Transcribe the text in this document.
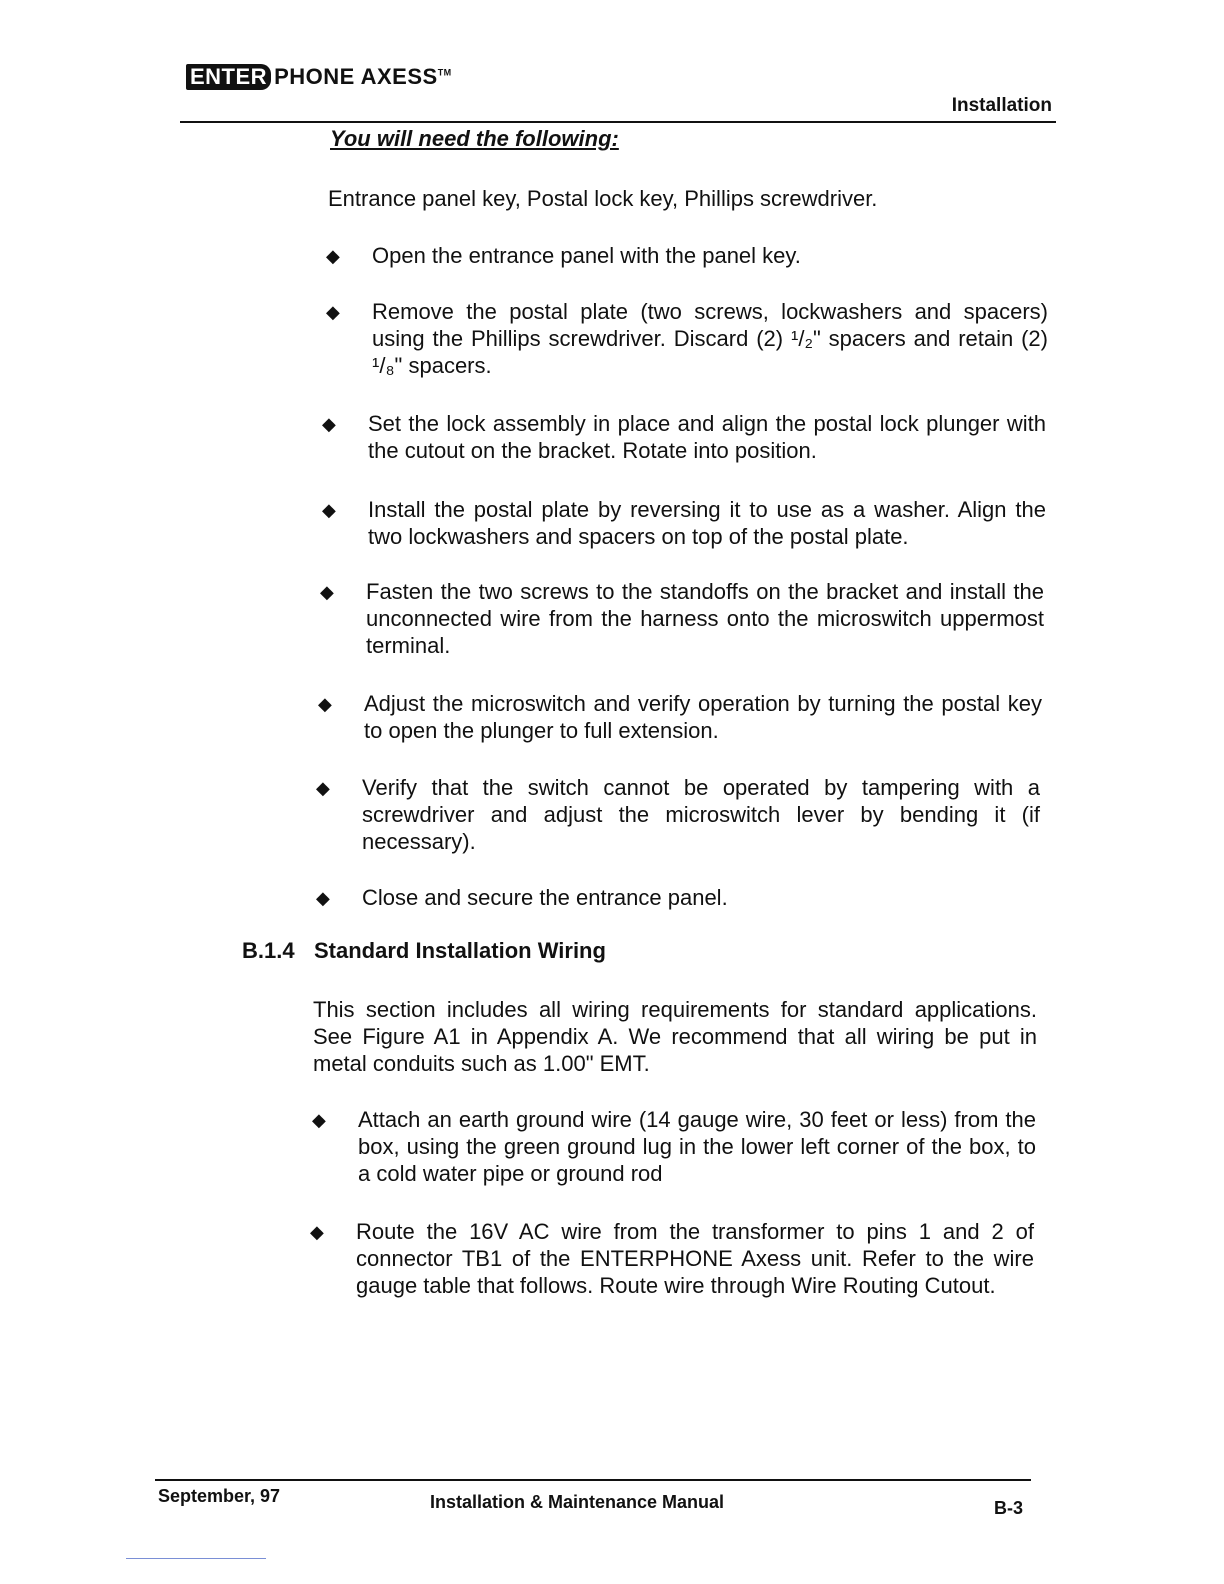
ENTER PHONE AXESS™
Installation
You will need the following:
Entrance panel key, Postal lock key, Phillips screwdriver.
◆	Open the entrance panel with the panel key.
◆	Remove the postal plate (two screws, lockwashers and spacers) using the Phillips screwdriver. Discard (2) ¹/₂" spacers and retain (2) ¹/₈" spacers.
◆	Set the lock assembly in place and align the postal lock plunger with the cutout on the bracket. Rotate into position.
◆	Install the postal plate by reversing it to use as a washer. Align the two lockwashers and spacers on top of the postal plate.
◆	Fasten the two screws to the standoffs on the bracket and install the unconnected wire from the harness onto the microswitch uppermost terminal.
◆	Adjust the microswitch and verify operation by turning the postal key to open the plunger to full extension.
◆	Verify that the switch cannot be operated by tampering with a screwdriver and adjust the microswitch lever by bending it (if necessary).
◆	Close and secure the entrance panel.
B.1.4 Standard Installation Wiring
This section includes all wiring requirements for standard applications. See Figure A1 in Appendix A. We recommend that all wiring be put in metal conduits such as 1.00" EMT.
◆	Attach an earth ground wire (14 gauge wire, 30 feet or less) from the box, using the green ground lug in the lower left corner of the box, to a cold water pipe or ground rod
◆	Route the 16V AC wire from the transformer to pins 1 and 2 of connector TB1 of the ENTERPHONE Axess unit. Refer to the wire gauge table that follows. Route wire through Wire Routing Cutout.
September, 97	Installation & Maintenance Manual	B-3
